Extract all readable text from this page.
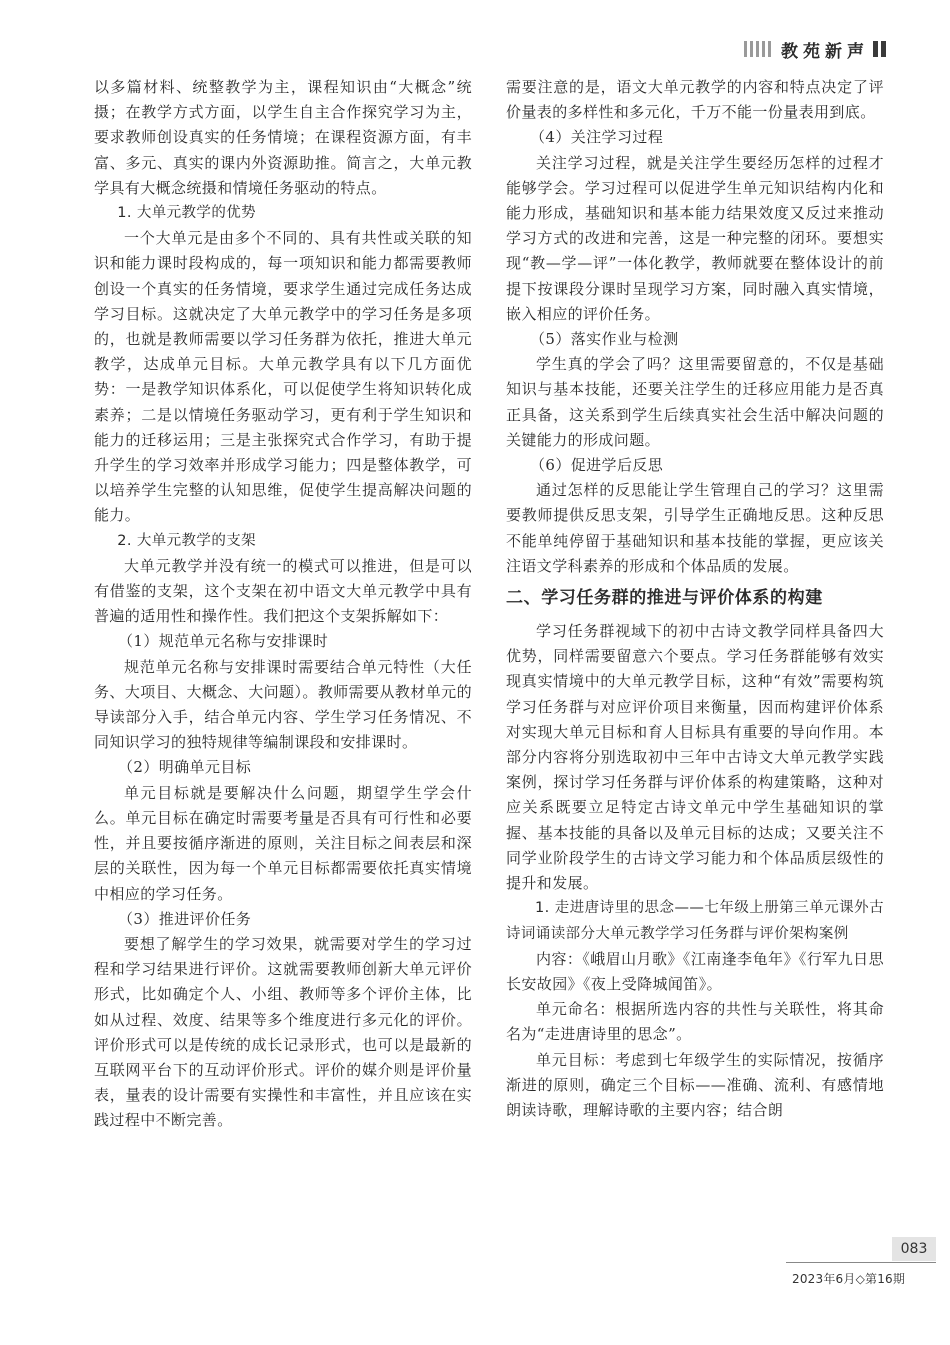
教苑新声

以多篇材料、统整教学为主，课程知识由“大概念”统摄；在教学方式方面，以学生自主合作探究学习为主，要求教师创设真实的任务情境；在课程资源方面，有丰富、多元、真实的课内外资源助推。简言之，大单元教学具有大概念统摄和情境任务驱动的特点。

1. 大单元教学的优势

一个大单元是由多个不同的、具有共性或关联的知识和能力课时段构成的，每一项知识和能力都需要教师创设一个真实的任务情境，要求学生通过完成任务达成学习目标。这就决定了大单元教学中的学习任务是多项的，也就是教师需要以学习任务群为依托，推进大单元教学，达成单元目标。大单元教学具有以下几方面优势：一是教学知识体系化，可以促使学生将知识转化成素养；二是以情境任务驱动学习，更有利于学生知识和能力的迁移运用；三是主张探究式合作学习，有助于提升学生的学习效率并形成学习能力；四是整体教学，可以培养学生完整的认知思维，促使学生提高解决问题的能力。

2. 大单元教学的支架

大单元教学并没有统一的模式可以推进，但是可以有借鉴的支架，这个支架在初中语文大单元教学中具有普遍的适用性和操作性。我们把这个支架拆解如下：

（1）规范单元名称与安排课时

规范单元名称与安排课时需要结合单元特性（大任务、大项目、大概念、大问题）。教师需要从教材单元的导读部分入手，结合单元内容、学生学习任务情况、不同知识学习的独特规律等编制课段和安排课时。

（2）明确单元目标

单元目标就是要解决什么问题，期望学生学会什么。单元目标在确定时需要考量是否具有可行性和必要性，并且要按循序渐进的原则，关注目标之间表层和深层的关联性，因为每一个单元目标都需要依托真实情境中相应的学习任务。

（3）推进评价任务

要想了解学生的学习效果，就需要对学生的学习过程和学习结果进行评价。这就需要教师创新大单元评价形式，比如确定个人、小组、教师等多个评价主体，比如从过程、效度、结果等多个维度进行多元化的评价。评价形式可以是传统的成长记录形式，也可以是最新的互联网平台下的互动评价形式。评价的媒介则是评价量表，量表的设计需要有实操性和丰富性，并且应该在实践过程中不断完善。

需要注意的是，语文大单元教学的内容和特点决定了评价量表的多样性和多元化，千万不能一份量表用到底。

（4）关注学习过程

关注学习过程，就是关注学生要经历怎样的过程才能够学会。学习过程可以促进学生单元知识结构内化和能力形成，基础知识和基本能力结果效度又反过来推动学习方式的改进和完善，这是一种完整的闭环。要想实现“教—学—评”一体化教学，教师就要在整体设计的前提下按课段分课时呈现学习方案，同时融入真实情境，嵌入相应的评价任务。

（5）落实作业与检测

学生真的学会了吗？这里需要留意的，不仅是基础知识与基本技能，还要关注学生的迁移应用能力是否真正具备，这关系到学生后续真实社会生活中解决问题的关键能力的形成问题。

（6）促进学后反思

通过怎样的反思能让学生管理自己的学习？这里需要教师提供反思支架，引导学生正确地反思。这种反思不能单纯停留于基础知识和基本技能的掌握，更应该关注语文学科素养的形成和个体品质的发展。

二、学习任务群的推进与评价体系的构建

学习任务群视域下的初中古诗文教学同样具备四大优势，同样需要留意六个要点。学习任务群能够有效实现真实情境中的大单元教学目标，这种“有效”需要构筑学习任务群与对应评价项目来衡量，因而构建评价体系对实现大单元目标和育人目标具有重要的导向作用。本部分内容将分别选取初中三年中古诗文大单元教学实践案例，探讨学习任务群与评价体系的构建策略，这种对应关系既要立足特定古诗文单元中学生基础知识的掌握、基本技能的具备以及单元目标的达成；又要关注不同学业阶段学生的古诗文学习能力和个体品质层级性的提升和发展。

1. 走进唐诗里的思念——七年级上册第三单元课外古诗词诵读部分大单元教学学习任务群与评价架构案例

内容：《峨眉山月歌》《江南逢李龟年》《行军九日思长安故园》《夜上受降城闻笛》。

单元命名：根据所选内容的共性与关联性，将其命名为“走进唐诗里的思念”。

单元目标：考虑到七年级学生的实际情况，按循序渐进的原则，确定三个目标——准确、流利、有感情地朗读诗歌，理解诗歌的主要内容；结合朗

083
2023年6月◇第16期
